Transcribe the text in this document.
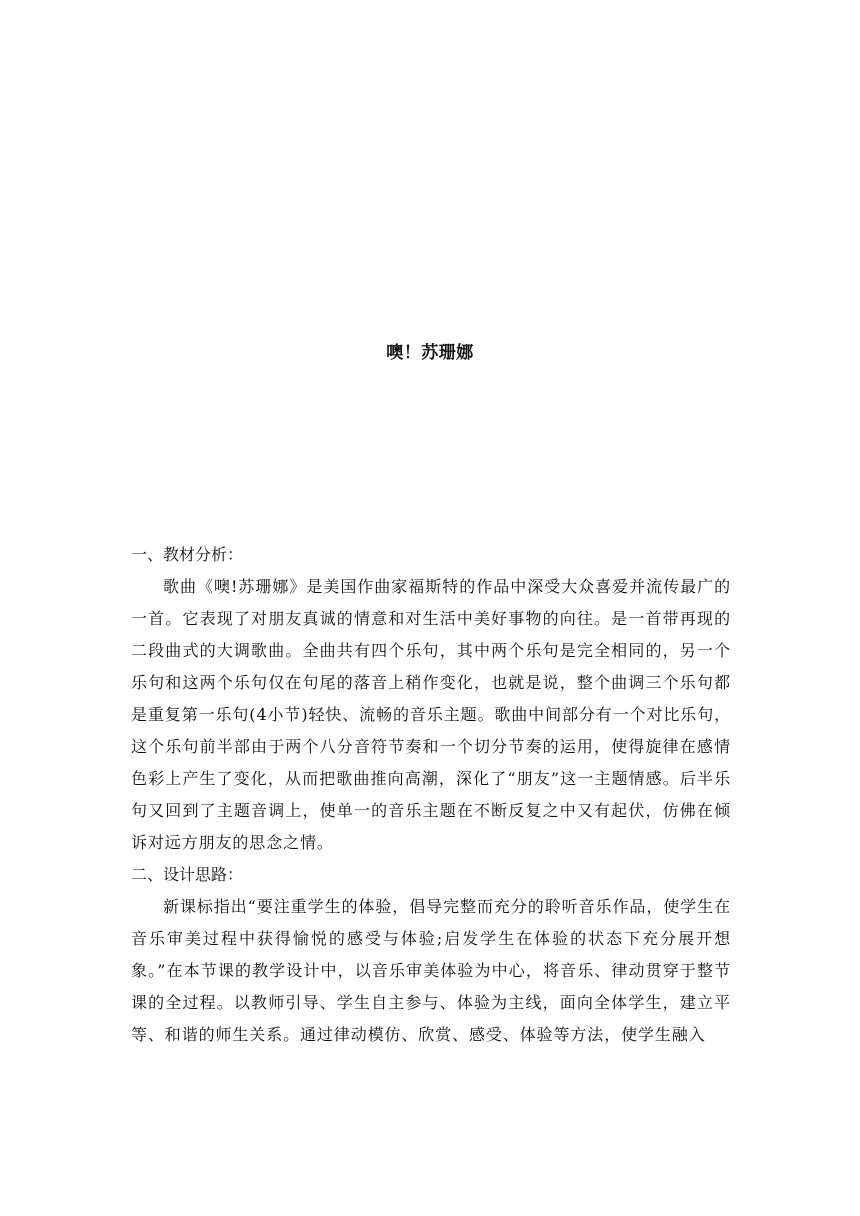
噢！苏珊娜

一、教材分析：

歌曲《噢!苏珊娜》是美国作曲家福斯特的作品中深受大众喜爱并流传最广的一首。它表现了对朋友真诚的情意和对生活中美好事物的向往。是一首带再现的二段曲式的大调歌曲。全曲共有四个乐句，其中两个乐句是完全相同的，另一个乐句和这两个乐句仅在句尾的落音上稍作变化，也就是说，整个曲调三个乐句都是重复第一乐句(4小节)轻快、流畅的音乐主题。歌曲中间部分有一个对比乐句，这个乐句前半部由于两个八分音符节奏和一个切分节奏的运用，使得旋律在感情色彩上产生了变化，从而把歌曲推向高潮，深化了“朋友”这一主题情感。后半乐句又回到了主题音调上，使单一的音乐主题在不断反复之中又有起伏，仿佛在倾诉对远方朋友的思念之情。

二、设计思路：

新课标指出“要注重学生的体验，倡导完整而充分的聆听音乐作品，使学生在音乐审美过程中获得愉悦的感受与体验;启发学生在体验的状态下充分展开想象。”在本节课的教学设计中，以音乐审美体验为中心，将音乐、律动贯穿于整节课的全过程。以教师引导、学生自主参与、体验为主线，面向全体学生，建立平等、和谐的师生关系。通过律动模仿、欣赏、感受、体验等方法，使学生融入
